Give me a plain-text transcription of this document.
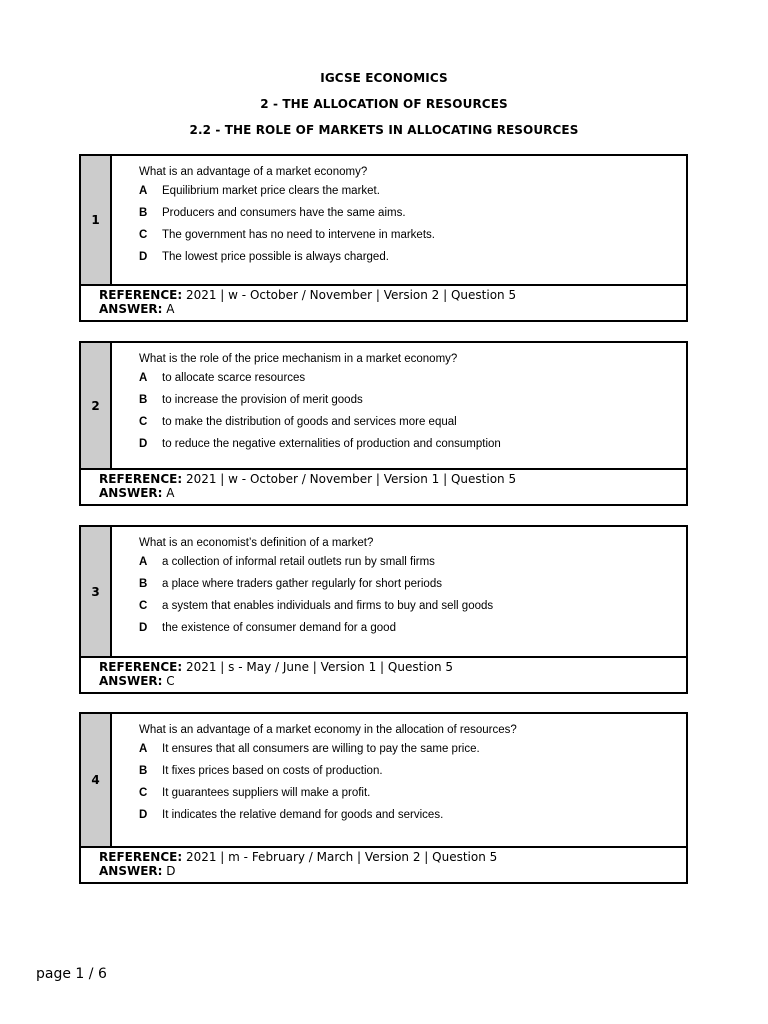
IGCSE ECONOMICS
2 - THE ALLOCATION OF RESOURCES
2.2 - THE ROLE OF MARKETS IN ALLOCATING RESOURCES
1
What is an advantage of a market economy?
A	Equilibrium market price clears the market.
B	Producers and consumers have the same aims.
C	The government has no need to intervene in markets.
D	The lowest price possible is always charged.
REFERENCE: 2021 | w - October / November | Version 2 | Question 5
ANSWER: A
2
What is the role of the price mechanism in a market economy?
A	to allocate scarce resources
B	to increase the provision of merit goods
C	to make the distribution of goods and services more equal
D	to reduce the negative externalities of production and consumption
REFERENCE: 2021 | w - October / November | Version 1 | Question 5
ANSWER: A
3
What is an economist’s definition of a market?
A	a collection of informal retail outlets run by small firms
B	a place where traders gather regularly for short periods
C	a system that enables individuals and firms to buy and sell goods
D	the existence of consumer demand for a good
REFERENCE: 2021 | s - May / June | Version 1 | Question 5
ANSWER: C
4
What is an advantage of a market economy in the allocation of resources?
A	It ensures that all consumers are willing to pay the same price.
B	It fixes prices based on costs of production.
C	It guarantees suppliers will make a profit.
D	It indicates the relative demand for goods and services.
REFERENCE: 2021 | m - February / March | Version 2 | Question 5
ANSWER: D
page 1 / 6
